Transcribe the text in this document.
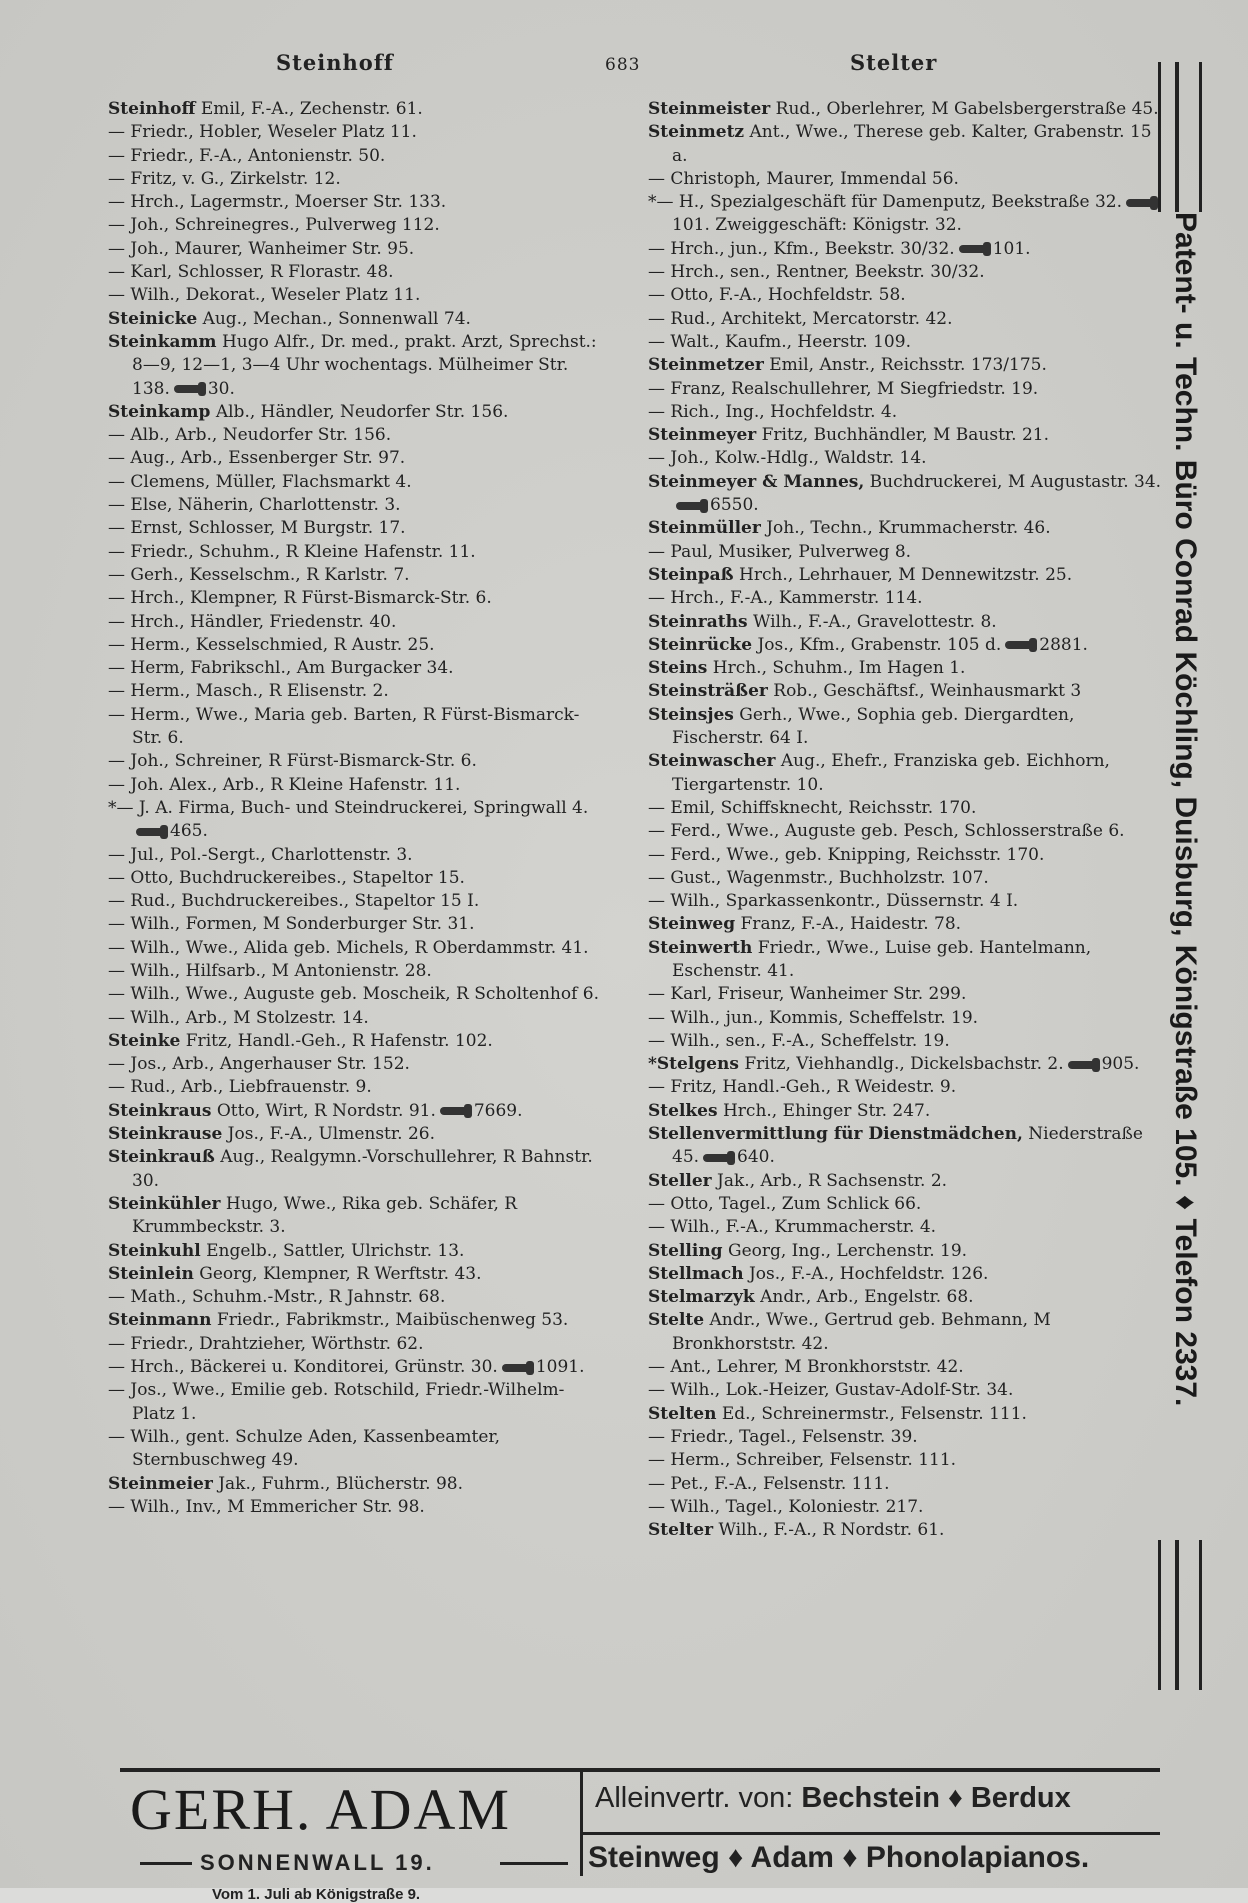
Steinhoff	683	Stelter
Steinhoff Emil, F.-A., Zechenstr. 61.
— Friedr., Hobler, Weseler Platz 11.
— Friedr., F.-A., Antonienstr. 50.
— Fritz, v. G., Zirkelstr. 12.
— Hrch., Lagermstr., Moerser Str. 133.
— Joh., Schreinegres., Pulverweg 112.
— Joh., Maurer, Wanheimer Str. 95.
— Karl, Schlosser, R Florastr. 48.
— Wilh., Dekorat., Weseler Platz 11.
Steinicke Aug., Mechan., Sonnenwall 74.
Steinkamm Hugo Alfr., Dr. med., prakt. Arzt, Sprechst.: 8—9, 12—1, 3—4 Uhr wochentags. Mülheimer Str. 138. 30.
Steinkamp Alb., Händler, Neudorfer Str. 156.
— Alb., Arb., Neudorfer Str. 156.
— Aug., Arb., Essenberger Str. 97.
— Clemens, Müller, Flachsmarkt 4.
— Else, Näherin, Charlottenstr. 3.
— Ernst, Schlosser, M Burgstr. 17.
— Friedr., Schuhm., R Kleine Hafenstr. 11.
— Gerh., Kesselschm., R Karlstr. 7.
— Hrch., Klempner, R Fürst-Bismarck-Str. 6.
— Hrch., Händler, Friedenstr. 40.
— Herm., Kesselschmied, R Austr. 25.
— Herm, Fabrikschl., Am Burgacker 34.
— Herm., Masch., R Elisenstr. 2.
— Herm., Wwe., Maria geb. Barten, R Fürst-Bismarck-Str. 6.
— Joh., Schreiner, R Fürst-Bismarck-Str. 6.
— Joh. Alex., Arb., R Kleine Hafenstr. 11.
*— J. A. Firma, Buch- und Steindruckerei, Springwall 4.465.
— Jul., Pol.-Sergt., Charlottenstr. 3.
— Otto, Buchdruckereibes., Stapeltor 15.
— Rud., Buchdruckereibes., Stapeltor 15 I.
— Wilh., Formen, M Sonderburger Str. 31.
— Wilh., Wwe., Alida geb. Michels, R Oberdammstr. 41.
— Wilh., Hilfsarb., M Antonienstr. 28.
— Wilh., Wwe., Auguste geb. Moscheik, R Scholtenhof 6.
— Wilh., Arb., M Stolzestr. 14.
Steinke Fritz, Handl.-Geh., R Hafenstr. 102.
— Jos., Arb., Angerhauser Str. 152.
— Rud., Arb., Liebfrauenstr. 9.
Steinkraus Otto, Wirt, R Nordstr. 91. 7669.
Steinkrause Jos., F.-A., Ulmenstr. 26.
Steinkrauß Aug., Realgymn.-Vorschullehrer, R Bahnstr. 30.
Steinkühler Hugo, Wwe., Rika geb. Schäfer, R Krummbeckstr. 3.
Steinkuhl Engelb., Sattler, Ulrichstr. 13.
Steinlein Georg, Klempner, R Werftstr. 43.
— Math., Schuhm.-Mstr., R Jahnstr. 68.
Steinmann Friedr., Fabrikmstr., Maibüschenweg 53.
— Friedr., Drahtzieher, Wörthstr. 62.
— Hrch., Bäckerei u. Konditorei, Grünstr. 30. 1091.
— Jos., Wwe., Emilie geb. Rotschild, Friedr.-Wilhelm-Platz 1.
— Wilh., gent. Schulze Aden, Kassenbeamter, Sternbuschweg 49.
Steinmeier Jak., Fuhrm., Blücherstr. 98.
— Wilh., Inv., M Emmericher Str. 98.
Steinmeister Rud., Oberlehrer, M Gabelsbergerstraße 45.
Steinmetz Ant., Wwe., Therese geb. Kalter, Grabenstr. 15 a.
— Christoph, Maurer, Immendal 56.
*— H., Spezialgeschäft für Damenputz, Beekstraße 32.101. Zweiggeschäft: Königstr. 32.
— Hrch., jun., Kfm., Beekstr. 30/32. 101.
— Hrch., sen., Rentner, Beekstr. 30/32.
— Otto, F.-A., Hochfeldstr. 58.
— Rud., Architekt, Mercatorstr. 42.
— Walt., Kaufm., Heerstr. 109.
Steinmetzer Emil, Anstr., Reichsstr. 173/175.
— Franz, Realschullehrer, M Siegfriedstr. 19.
— Rich., Ing., Hochfeldstr. 4.
Steinmeyer Fritz, Buchhändler, M Baustr. 21.
— Joh., Kolw.-Hdlg., Waldstr. 14.
Steinmeyer & Mannes, Buchdruckerei, M Augustastr. 34.6550.
Steinmüller Joh., Techn., Krummacherstr. 46.
— Paul, Musiker, Pulverweg 8.
Steinpaß Hrch., Lehrhauer, M Dennewitzstr. 25.
— Hrch., F.-A., Kammerstr. 114.
Steinraths Wilh., F.-A., Gravelottestr. 8.
Steinrücke Jos., Kfm., Grabenstr. 105 d. 2881.
Steins Hrch., Schuhm., Im Hagen 1.
Steinsträßer Rob., Geschäftsf., Weinhausmarkt 3
Steinsjes Gerh., Wwe., Sophia geb. Diergardten, Fischerstr. 64 I.
Steinwascher Aug., Ehefr., Franziska geb. Eichhorn, Tiergartenstr. 10.
— Emil, Schiffsknecht, Reichsstr. 170.
— Ferd., Wwe., Auguste geb. Pesch, Schlosserstraße 6.
— Ferd., Wwe., geb. Knipping, Reichsstr. 170.
— Gust., Wagenmstr., Buchholzstr. 107.
— Wilh., Sparkassenkontr., Düssernstr. 4 I.
Steinweg Franz, F.-A., Haidestr. 78.
Steinwerth Friedr., Wwe., Luise geb. Hantelmann, Eschenstr. 41.
— Karl, Friseur, Wanheimer Str. 299.
— Wilh., jun., Kommis, Scheffelstr. 19.
— Wilh., sen., F.-A., Scheffelstr. 19.
*Stelgens Fritz, Viehhandlg., Dickelsbachstr. 2. 905.
— Fritz, Handl.-Geh., R Weidestr. 9.
Stelkes Hrch., Ehinger Str. 247.
Stellenvermittlung für Dienstmädchen, Niederstraße 45. 640.
Steller Jak., Arb., R Sachsenstr. 2.
— Otto, Tagel., Zum Schlick 66.
— Wilh., F.-A., Krummacherstr. 4.
Stelling Georg, Ing., Lerchenstr. 19.
Stellmach Jos., F.-A., Hochfeldstr. 126.
Stelmarzyk Andr., Arb., Engelstr. 68.
Stelte Andr., Wwe., Gertrud geb. Behmann, M Bronkhorststr. 42.
— Ant., Lehrer, M Bronkhorststr. 42.
— Wilh., Lok.-Heizer, Gustav-Adolf-Str. 34.
Stelten Ed., Schreinermstr., Felsenstr. 111.
— Friedr., Tagel., Felsenstr. 39.
— Herm., Schreiber, Felsenstr. 111.
— Pet., F.-A., Felsenstr. 111.
— Wilh., Tagel., Koloniestr. 217.
Stelter Wilh., F.-A., R Nordstr. 61.
Patent- u. Techn. Büro Conrad Köchling, Duisburg, Königstraße 105. ♦ Telefon 2337.
GERH. ADAM
SONNENWALL 19.
Vom 1. Juli ab Königstraße 9.
Alleinvertr. von: Bechstein ♦ Berdux
Steinweg ♦ Adam ♦ Phonolapianos.
